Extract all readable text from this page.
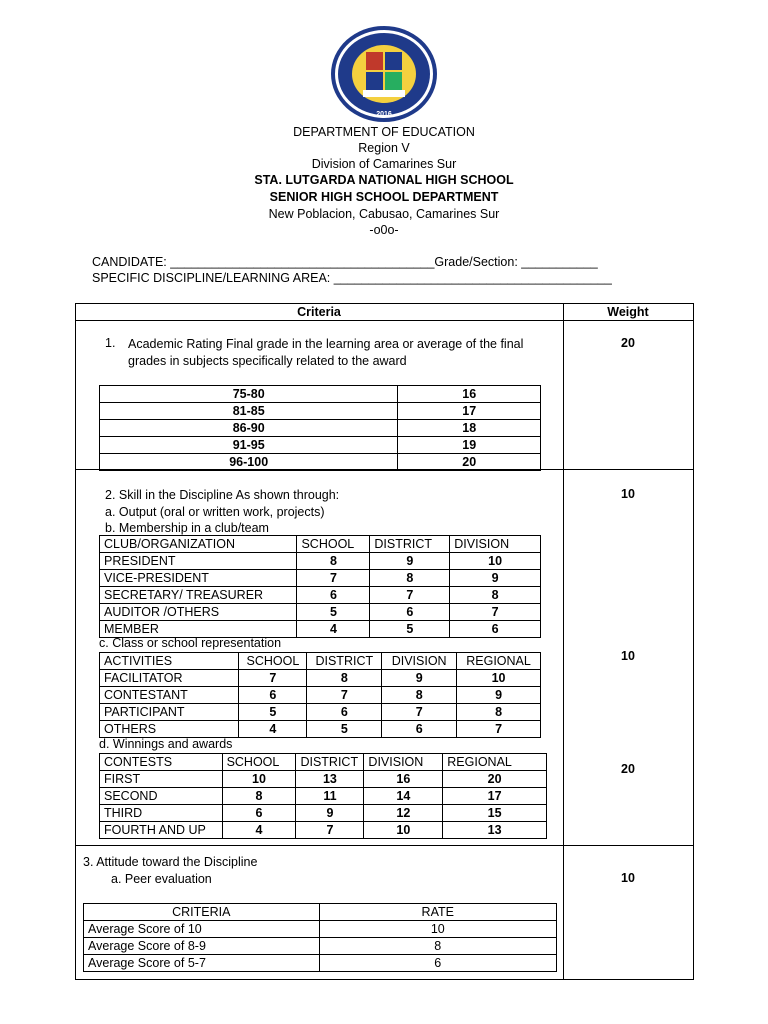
2016
DEPARTMENT OF EDUCATION
Region V
Division of Camarines Sur
STA. LUTGARDA NATIONAL HIGH SCHOOL
SENIOR HIGH SCHOOL DEPARTMENT
New Poblacion, Cabusao, Camarines Sur
-o0o-
CANDIDATE: ______________________________________Grade/Section: ___________
SPECIFIC DISCIPLINE/LEARNING AREA: ________________________________________
Criteria	Weight
1. Academic Rating Final grade in the learning area or average of the final
grades in subjects specifically related to the award
20
75-80	16
81-85	17
86-90	18
91-95	19
96-100	20
2. Skill in the Discipline As shown through:
a. Output (oral or written work, projects)
b. Membership in a club/team
10
CLUB/ORGANIZATION	SCHOOL	DISTRICT	DIVISION
PRESIDENT	8	9	10
VICE-PRESIDENT	7	8	9
SECRETARY/ TREASURER	6	7	8
AUDITOR /OTHERS	5	6	7
MEMBER	4	5	6
c. Class or school representation
10
ACTIVITIES	SCHOOL	DISTRICT	DIVISION	REGIONAL
FACILITATOR	7	8	9	10
CONTESTANT	6	7	8	9
PARTICIPANT	5	6	7	8
OTHERS	4	5	6	7
d. Winnings and awards
20
CONTESTS	SCHOOL	DISTRICT	DIVISION	REGIONAL
FIRST	10	13	16	20
SECOND	8	11	14	17
THIRD	6	9	12	15
FOURTH AND UP	4	7	10	13
3. Attitude toward the Discipline
a. Peer evaluation	10
CRITERIA	RATE
Average Score of 10	10
Average Score of 8-9	8
Average Score of 5-7	6
